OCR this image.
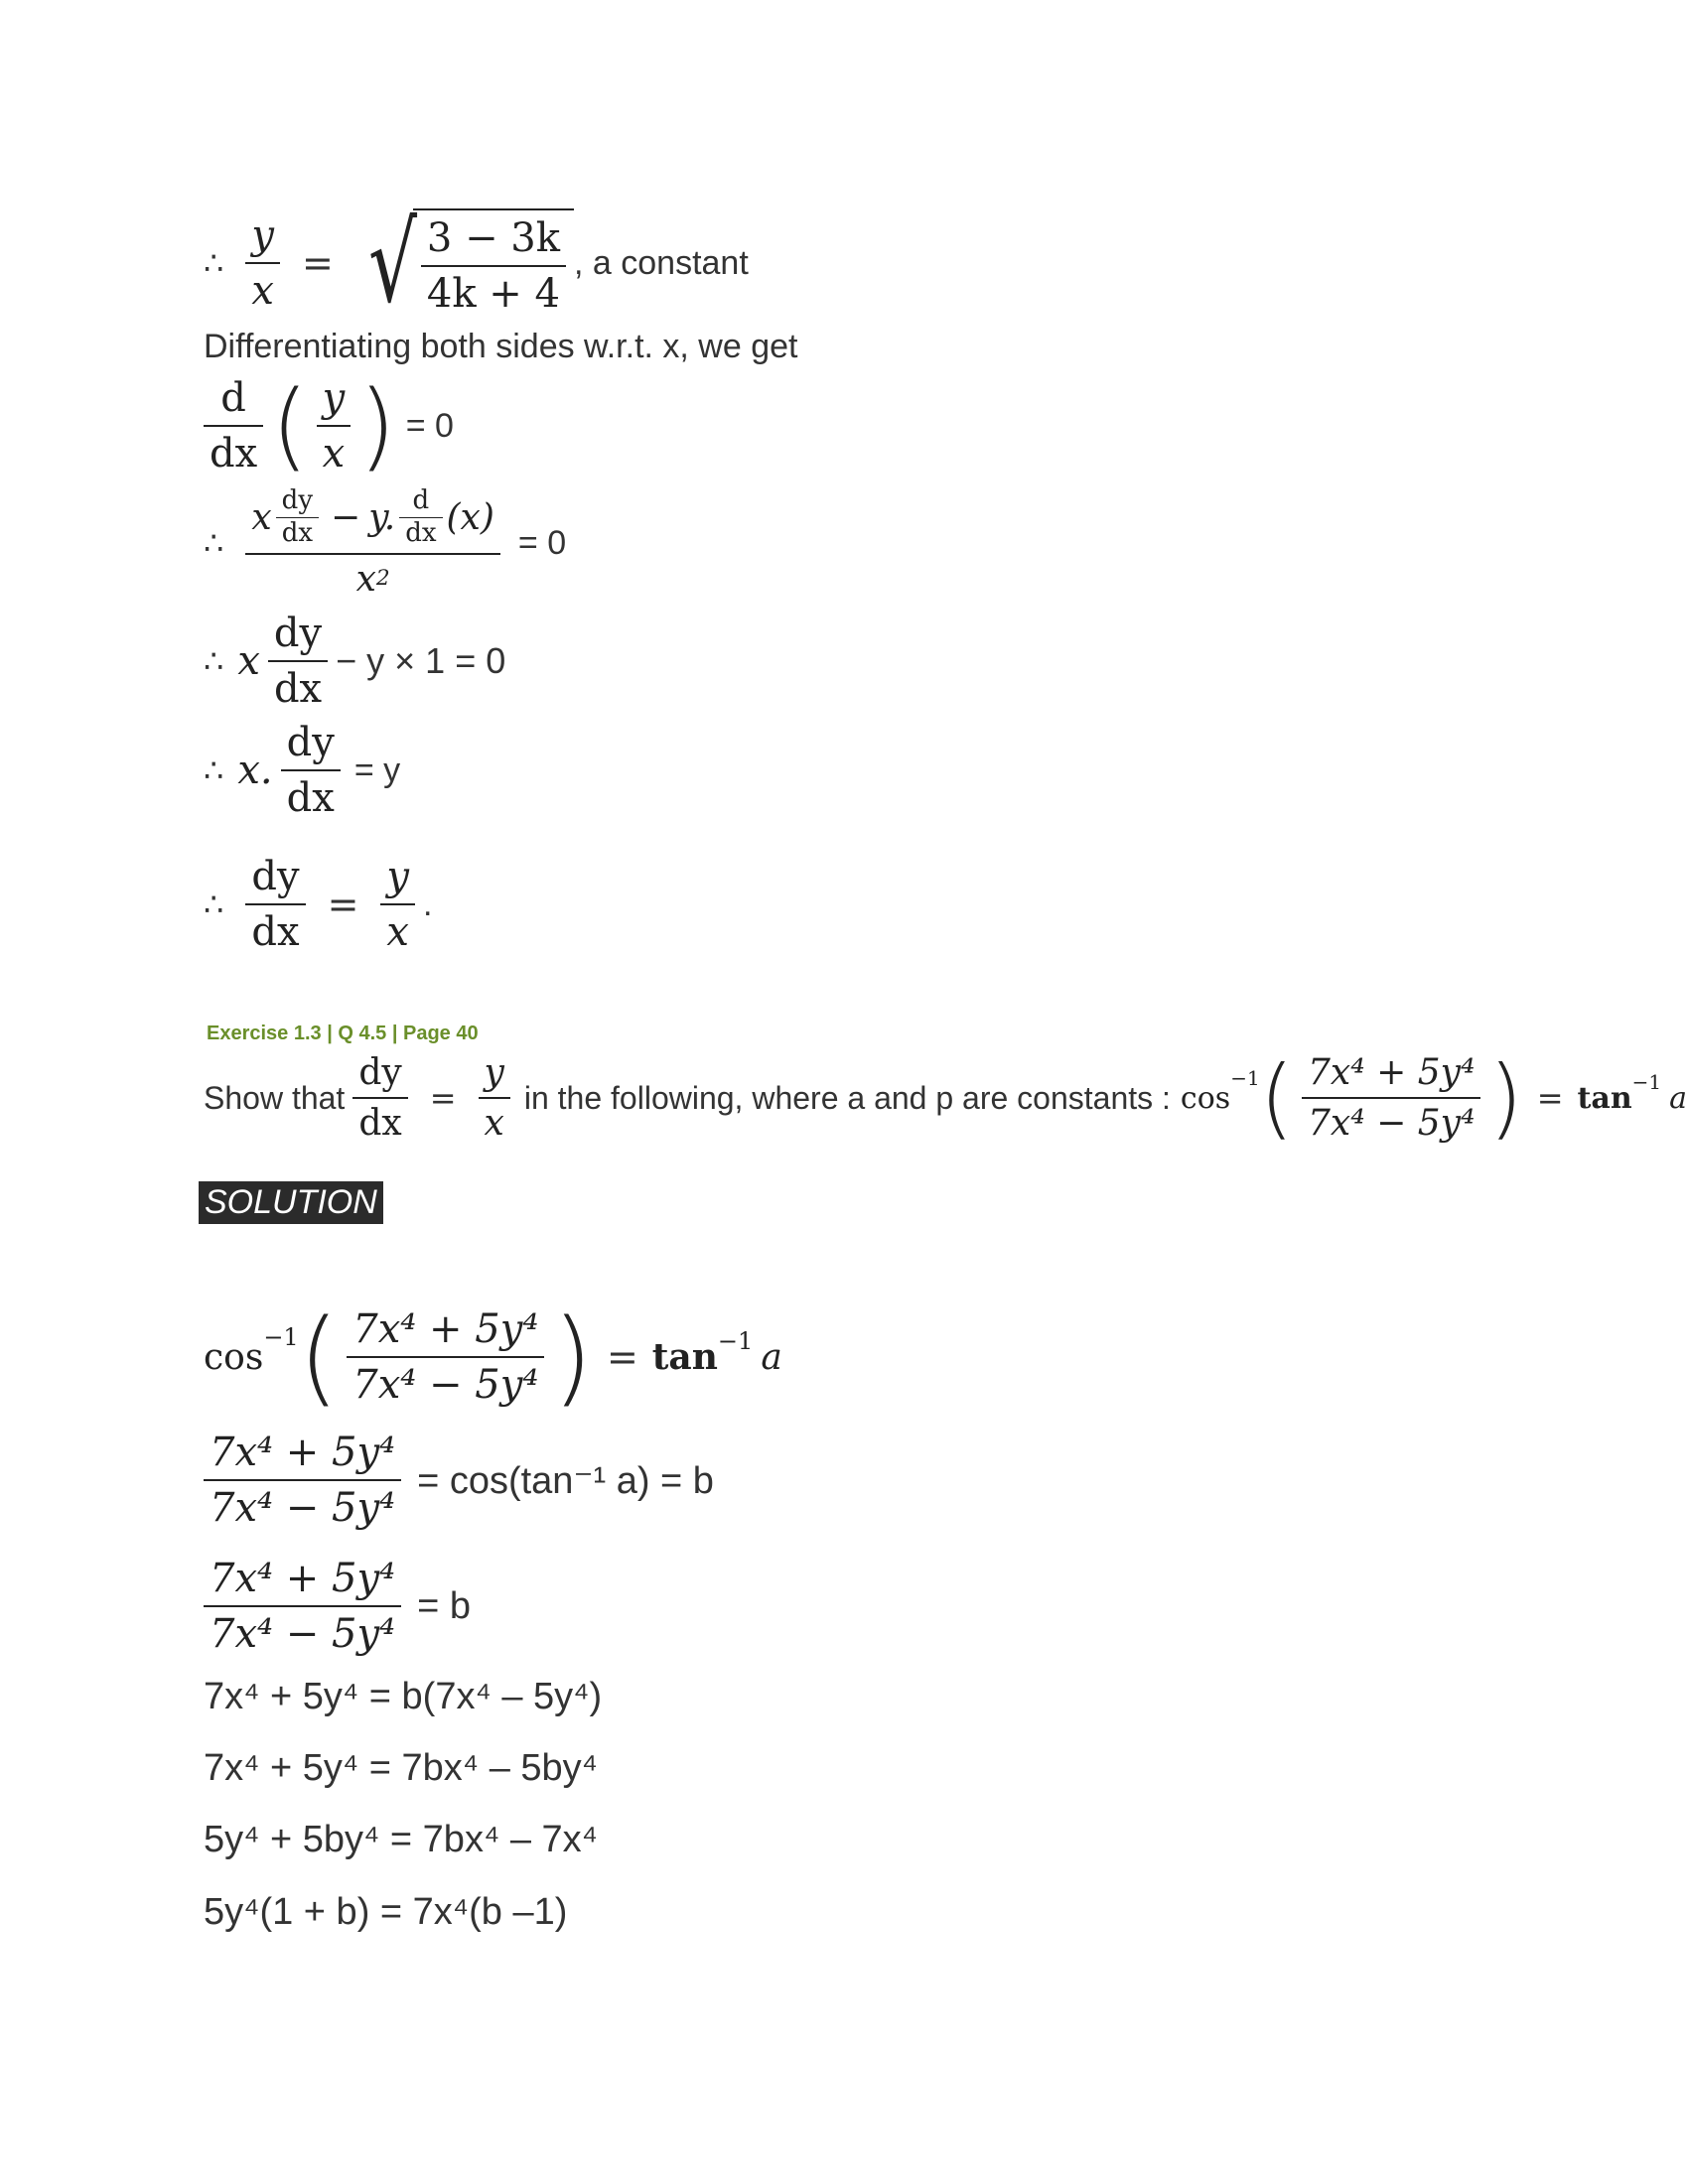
∴ $\frac{y}{x}$ = √ $\frac{3 - 3k}{4k + 4}$ , a constant
Differentiating both sides w.r.t. x, we get
$\frac{d}{dx}$ ( $\frac{y}{x}$ ) = 0
∴ $\frac{x \frac{dy}{dx} - y. \frac{d}{dx} (x)}{x 2} = 0$
∴ x $\frac{dy}{dx} - y \times 1 = 0$
∴ x. $\frac{dy}{dx} = y$
∴ $\frac{dy}{dx} = \frac{y}{x}$ .
Exercise 1.3 | Q 4.5 | Page 40
Show that $\frac{dy}{dx} = \frac{y}{x}$ in the following, where a and p are constants : cos
−1 ( $\frac{\text{7x⁴ + 5y⁴}}{\text{7x⁴ − 5y⁴}}$ ) = tan −1 a
SOLUTION
cos −1 ( $\frac{\text{7x⁴ + 5y⁴}}{\text{7x⁴ − 5y⁴}}$ ) = tan −1 a
$\frac{\text{7x⁴ + 5y⁴}}{\text{7x⁴ − 5y⁴}} = \cos(\tan^{-1}$ a) = b
$\frac{\text{7x⁴ + 5y⁴}}{\text{7x⁴ − 5y⁴}} = b$
7x⁴ + 5y⁴ = b(7x⁴ – 5y⁴)
7x⁴ + 5y⁴ = 7bx⁴ – 5by⁴
5y⁴ + 5by⁴ = 7bx⁴ – 7x⁴
5y⁴(1 + b) = 7x⁴(b –1)
